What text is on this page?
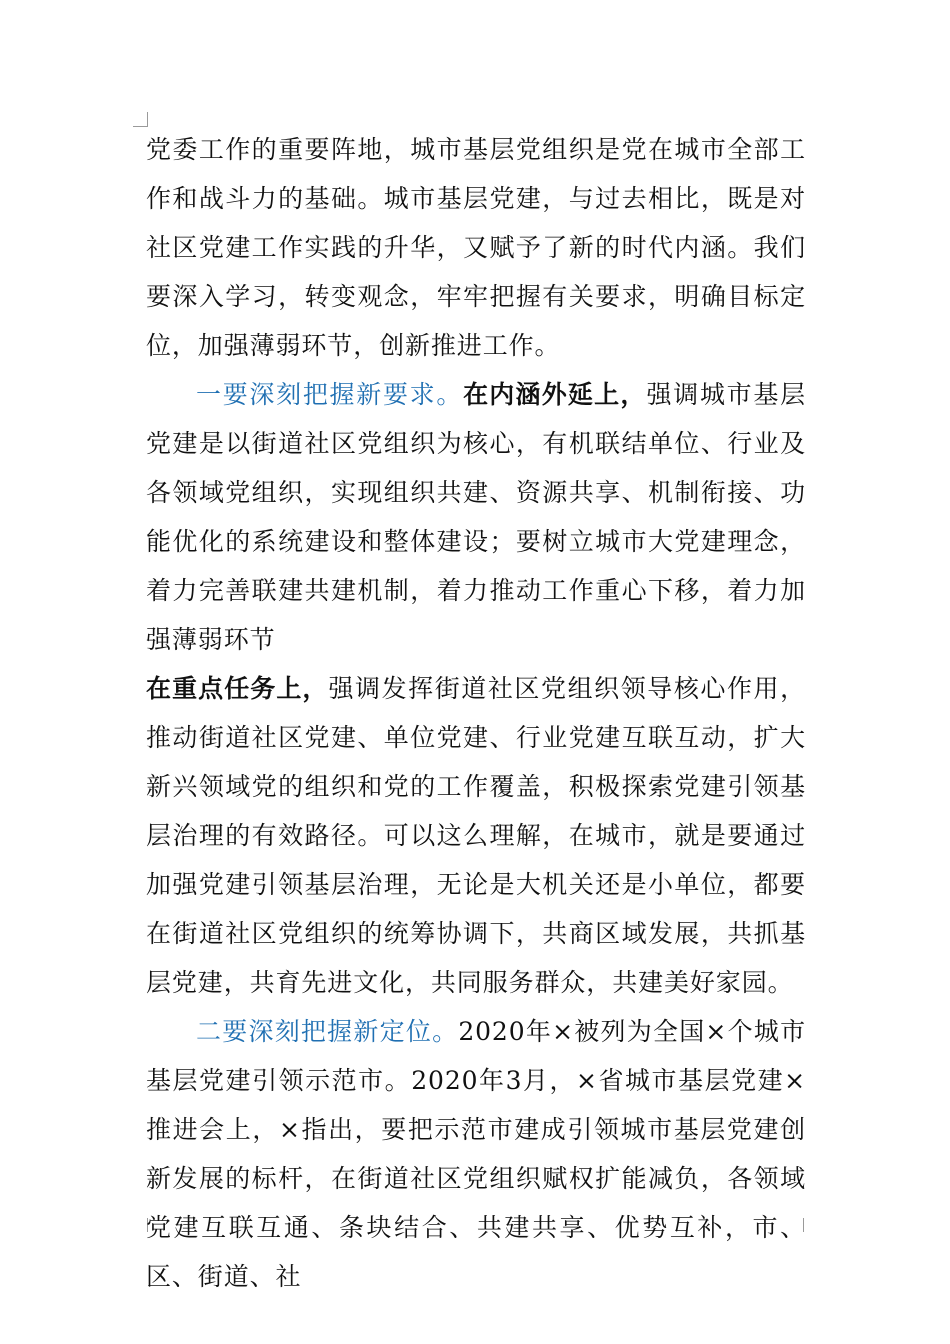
党委工作的重要阵地，城市基层党组织是党在城市全部工作和战斗力的基础。城市基层党建，与过去相比，既是对社区党建工作实践的升华，又赋予了新的时代内涵。我们要深入学习，转变观念，牢牢把握有关要求，明确目标定位，加强薄弱环节，创新推进工作。

一要深刻把握新要求。在内涵外延上，强调城市基层党建是以街道社区党组织为核心，有机联结单位、行业及各领域党组织，实现组织共建、资源共享、机制衔接、功能优化的系统建设和整体建设；要树立城市大党建理念，着力完善联建共建机制，着力推动工作重心下移，着力加强薄弱环节
在重点任务上，强调发挥街道社区党组织领导核心作用，推动街道社区党建、单位党建、行业党建互联互动，扩大新兴领域党的组织和党的工作覆盖，积极探索党建引领基层治理的有效路径。可以这么理解，在城市，就是要通过加强党建引领基层治理，无论是大机关还是小单位，都要在街道社区党组织的统筹协调下，共商区域发展，共抓基层党建，共育先进文化，共同服务群众，共建美好家园。

二要深刻把握新定位。2020年×被列为全国×个城市基层党建引领示范市。2020年3月，×省城市基层党建×推进会上，×指出，要把示范市建成引领城市基层党建创新发展的标杆，在街道社区党组织赋权扩能减负，各领域党建互联互通、条块结合、共建共享、优势互补，市、区、街道、社
